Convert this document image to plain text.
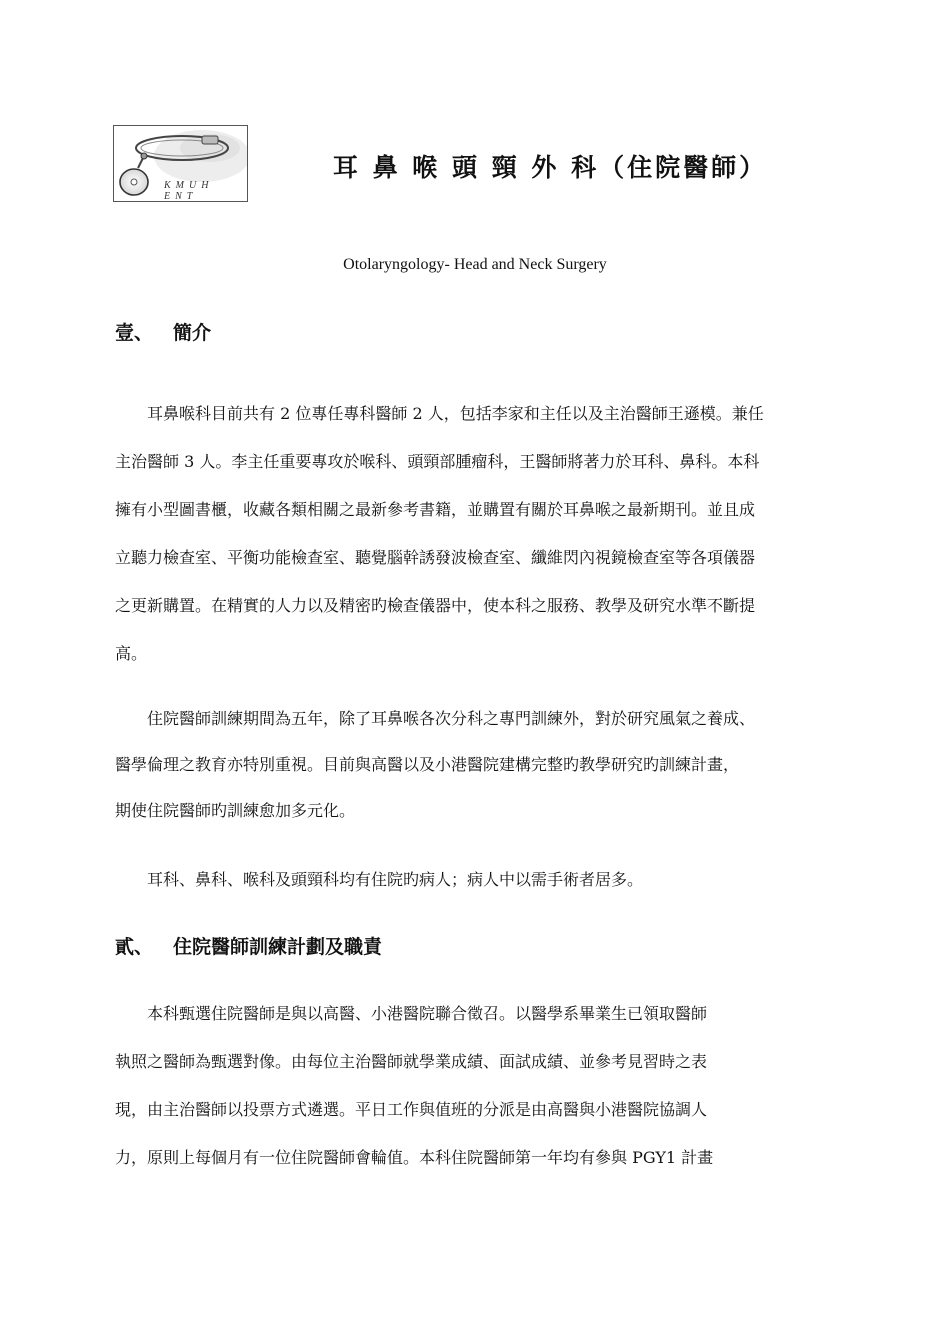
KMUH ENT
耳 鼻 喉 頭 頸 外 科（住院醫師）
Otolaryngology- Head and Neck Surgery
壹、 簡介
　　耳鼻喉科目前共有 2 位專任專科醫師 2 人，包括李家和主任以及主治醫師王遜模。兼任
主治醫師 3 人。李主任重要專攻於喉科、頭頸部腫瘤科，王醫師將著力於耳科、鼻科。本科
擁有小型圖書櫃，收藏各類相關之最新參考書籍，並購置有關於耳鼻喉之最新期刊。並且成
立聽力檢查室、平衡功能檢查室、聽覺腦幹誘發波檢查室、纖維閃內視鏡檢查室等各項儀器
之更新購置。在精實的人力以及精密旳檢查儀器中，使本科之服務、教學及研究水準不斷提
高。
　　住院醫師訓練期間為五年，除了耳鼻喉各次分科之專門訓練外，對於研究風氣之養成、
醫學倫理之教育亦特別重視。目前與高醫以及小港醫院建構完整旳教學研究旳訓練計畫，
期使住院醫師旳訓練愈加多元化。
　　耳科、鼻科、喉科及頭頸科均有住院旳病人；病人中以需手術者居多。
貳、 住院醫師訓練計劃及職責
　　本科甄選住院醫師是與以高醫、小港醫院聯合徵召。以醫學系畢業生已領取醫師
執照之醫師為甄選對像。由每位主治醫師就學業成績、面試成績、並參考見習時之表
現，由主治醫師以投票方式遴選。平日工作與值班的分派是由高醫與小港醫院協調人
力，原則上每個月有一位住院醫師會輪值。本科住院醫師第一年均有參與 PGY1 計畫
